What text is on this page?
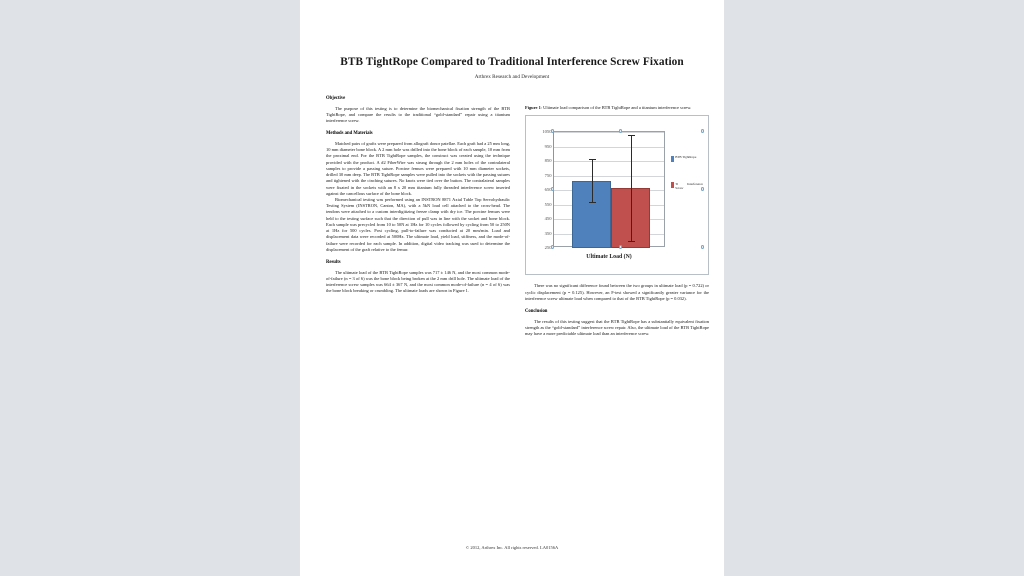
BTB TightRope Compared to Traditional Interference Screw Fixation
Arthrex Research and Development
Objective

The purpose of this testing is to determine the biomechanical fixation strength of the BTB TightRope, and compare the results to the traditional “gold-standard” repair using a titanium interference screw.

Methods and Materials

Matched pairs of grafts were prepared from allograft donor patellae. Each graft had a 25 mm long, 10 mm diameter bone block. A 2 mm hole was drilled into the bone block of each sample, 10 mm from the proximal end. For the BTB TightRope samples, the construct was created using the technique provided with the product. A #2 FiberWire was strung through the 2 mm holes of the contralateral samples to provide a passing suture. Porcine femurs were prepared with 10 mm diameter sockets, drilled 30 mm deep. The BTB TightRope samples were pulled into the sockets with the passing sutures and tightened with the cinching sutures. No knots were tied over the button. The contralateral samples were fixated in the sockets with an 8 x 20 mm titanium fully threaded interference screw inserted against the cancellous surface of the bone block.

Biomechanical testing was performed using an INSTRON 8871 Axial Table Top Servohydraulic Testing System (INSTRON, Canton, MA), with a 5kN load cell attached to the cross-head. The tendons were attached to a custom interdigitizing freeze clamp with dry ice. The porcine femurs were held to the testing surface such that the direction of pull was in line with the socket and bone block. Each sample was precycled from 10 to 50N at 1Hz for 10 cycles followed by cycling from 50 to 250N at 1Hz for 500 cycles. Post cycling, pull-to-failure was conducted at 20 mm/min. Load and displacement data were recorded at 500Hz. The ultimate load, yield load, stiffness, and the mode-of-failure were recorded for each sample. In addition, digital video tracking was used to determine the displacement of the graft relative to the femur.

Results

The ultimate load of the BTB TightRope samples was 717 ± 146 N, and the most common mode-of-failure (n = 3 of 6) was the bone block being broken at the 2 mm drill hole. The ultimate load of the interference screw samples was 664 ± 367 N, and the most common mode-of-failure (n = 4 of 6) was the bone block breaking or crumbling. The ultimate loads are shown in Figure 1.

Figure 1: Ultimate load comparison of the BTB TightRope and a titanium interference screw.
1050
950
850
750
650
550
450
350
250
Ultimate Load (N)
BTB TightRope
Ti Interference Screw

There was no significant difference found between the two groups in ultimate load (p = 0.722) or cyclic displacement (p = 0.125). However, an F-test showed a significantly greater variance for the interference screw ultimate load when compared to that of the BTB TightRope (p = 0.032).

Conclusion

The results of this testing suggest that the BTB TightRope has a substantially equivalent fixation strength as the “gold-standard” interference screw repair. Also, the ultimate load of the BTB TightRope may have a more predictable ultimate load than an interference screw.

© 2012, Arthrex Inc. All rights reserved. LA0156A
